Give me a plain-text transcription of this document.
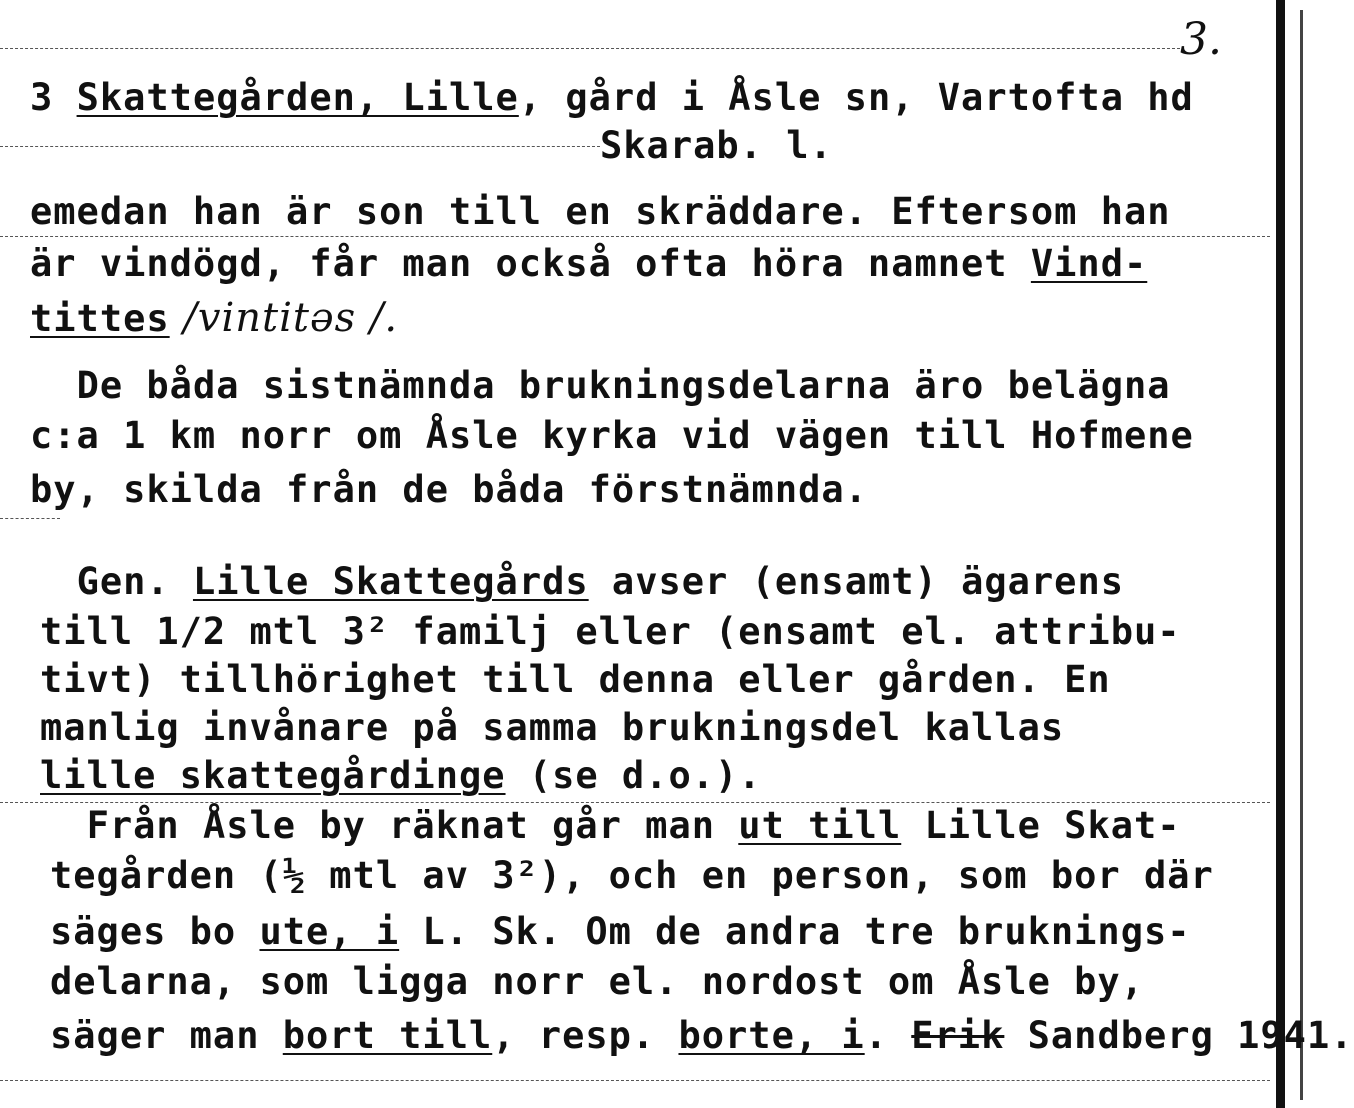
3.
3 Skattegården, Lille, gård i Åsle sn, Vartofta hd
Skarab. l.
emedan han är son till en skräddare. Eftersom han
är vindögd, får man också ofta höra namnet Vind-
tittes /vintitəs /.
De båda sistnämnda brukningsdelarna äro belägna
c:a 1 km norr om Åsle kyrka vid vägen till Hofmene
by, skilda från de båda förstnämnda.
Gen. Lille Skattegårds avser (ensamt) ägarens
till 1/2 mtl 3² familj eller (ensamt el. attribu-
tivt) tillhörighet till denna eller gården. En
manlig invånare på samma brukningsdel kallas
lille skattegårdinge (se d.o.).
Från Åsle by räknat går man ut till Lille Skat-
tegården (½ mtl av 3²), och en person, som bor där
säges bo ute, i L. Sk. Om de andra tre bruknings-
delarna, som ligga norr el. nordost om Åsle by,
säger man bort till, resp. borte, i. Erik Sandberg 1941.
